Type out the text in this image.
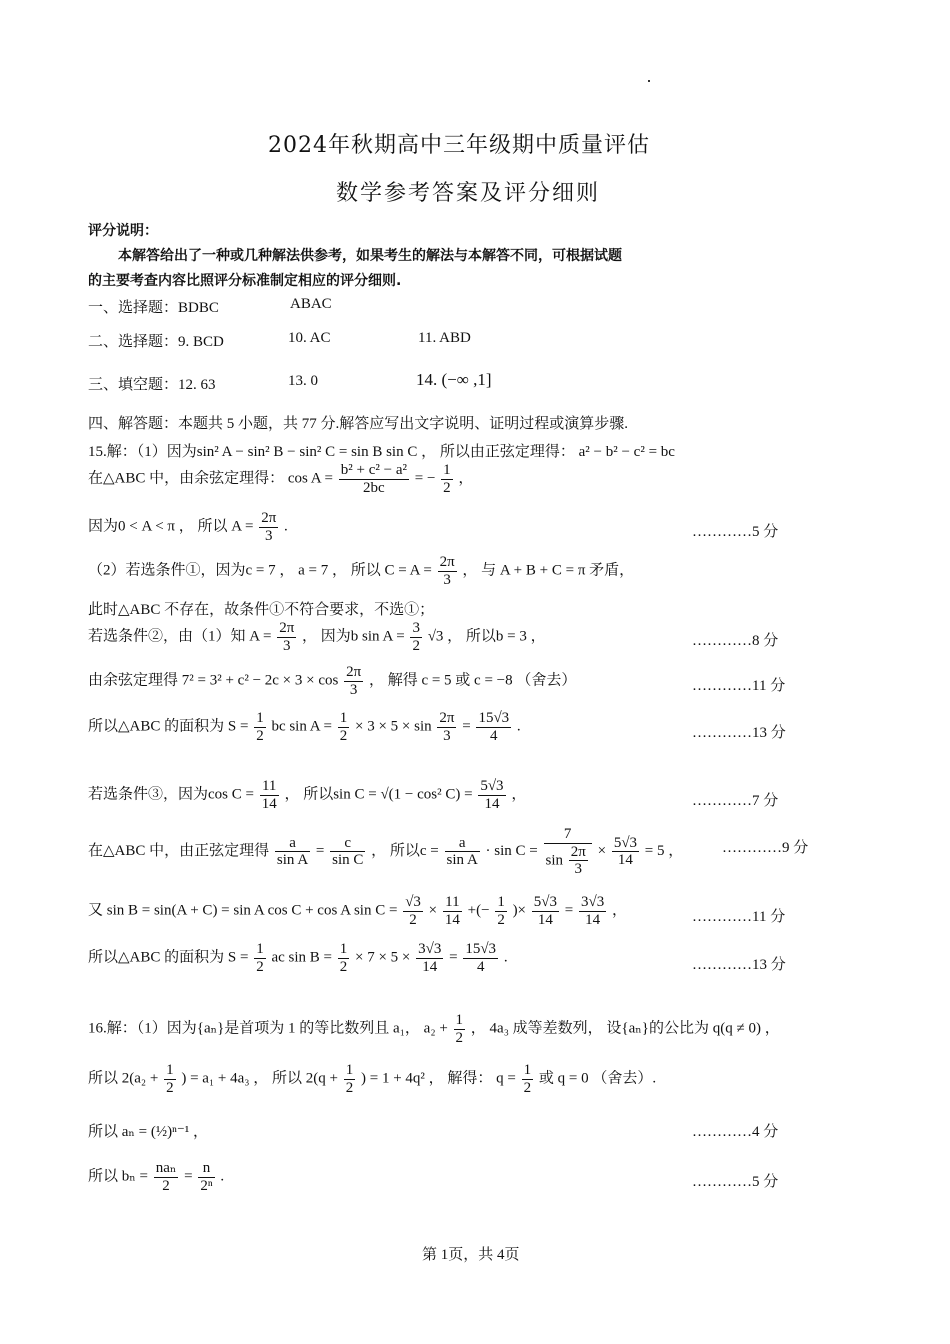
2024年秋期高中三年级期中质量评估
数学参考答案及评分细则
评分说明：
本解答给出了一种或几种解法供参考，如果考生的解法与本解答不同，可根据试题
的主要考查内容比照评分标准制定相应的评分细则.
一、选择题：BDBC	ABAC
二、选择题：9. BCD	10. AC	11. ABD
三、填空题：12. 63	13. 0	14. (−∞ ,1]
四、解答题：本题共 5 小题，共 77 分.解答应写出文字说明、证明过程或演算步骤.
15.解：（1）因为sin² A − sin² B − sin² C = sin B sin C ， 所以由正弦定理得： a² − b² − c² = bc
在△ABC 中，由余弦定理得： $\cos A = \frac{\text{b² + c² − a²}}{2bc}$ = − $\frac{1}{2}$ ，
因为0 < A < π ， 所以 $A = \frac{2\pi}{3}$ .	…………5 分
（2）若选条件①，因为c = 7 ， a = 7 ， 所以 $C = A = \frac{2\pi}{3}$ ， 与 A + B + C = π 矛盾，
此时△ABC 不存在，故条件①不符合要求，不选①；
若选条件②，由（1）知 $A = \frac{2\pi}{3}$ ， 因为b $\sin A = \frac{3}{2} √3$ ， 所以b = 3 ，	…………8 分
由余弦定理得 $7^2 = 3^2 + c^2 - 2c \times 3 \times \cos \frac{2\pi}{3}$ ， 解得 c = 5 或 c = −8 （舍去）	…………11 分
所以△ABC 的面积为 $S = \frac{1}{2}$ bc $\sin A = \frac{1}{2} \times 3 \times 5 \times \sin \frac{2\pi}{3} = \frac{15√3}{4}$ .	…………13 分
若选条件③，因为$\cos C = \frac{11}{14}$ ， 所以sin C = √(1 − cos² $C) = \frac{5√3}{14}$ ，	…………7 分
在△ABC 中，由正弦定理得 $\frac{a}{\text{sin A}} = \frac{c}{\text{sin C}}$ ， 所以$c = \frac{a}{\text{sin A}} \cdot \sin C = \frac{7}{\sin \frac{2\pi}{3}} \times \frac{5√3}{14} = 5$ ，	…………9 分
又 sin B = sin(A + C) = sin A cos C + cos A $\sin C = \frac{√3}{2} \times \frac{11}{14}$ +(− $\frac{1}{2}$ )× $\frac{5√3}{14} = \frac{3√3}{14}$ ，	…………11 分
所以△ABC 的面积为 $S = \frac{1}{2}$ ac $\sin B = \frac{1}{2} \times 7 \times 5 \times \frac{3√3}{14} = \frac{15√3}{4}$ .	…………13 分
16.解：（1）因为{aₙ}是首项为 1 的等比数列且 a₁， $a_2 + \frac{1}{2}$ ， 4a₃ 成等差数列， 设{aₙ}的公比为 q(q ≠ 0) ，
所以 $2(a_2 + \frac{1}{2}$ ) = a₁ + 4a₃ ， 所以 $2(q + \frac{1}{2}$ ) = 1 + 4q² ， 解得： $q = \frac{1}{2}$ 或 q = 0 （舍去）.
所以 aₙ = (½)ⁿ⁻¹ ，	…………4 分
所以 $b_n = \frac{\text{naₙ}}{2} = \frac{n}{\text{2ⁿ}}$ .	…………5 分
第 1页，共 4页
